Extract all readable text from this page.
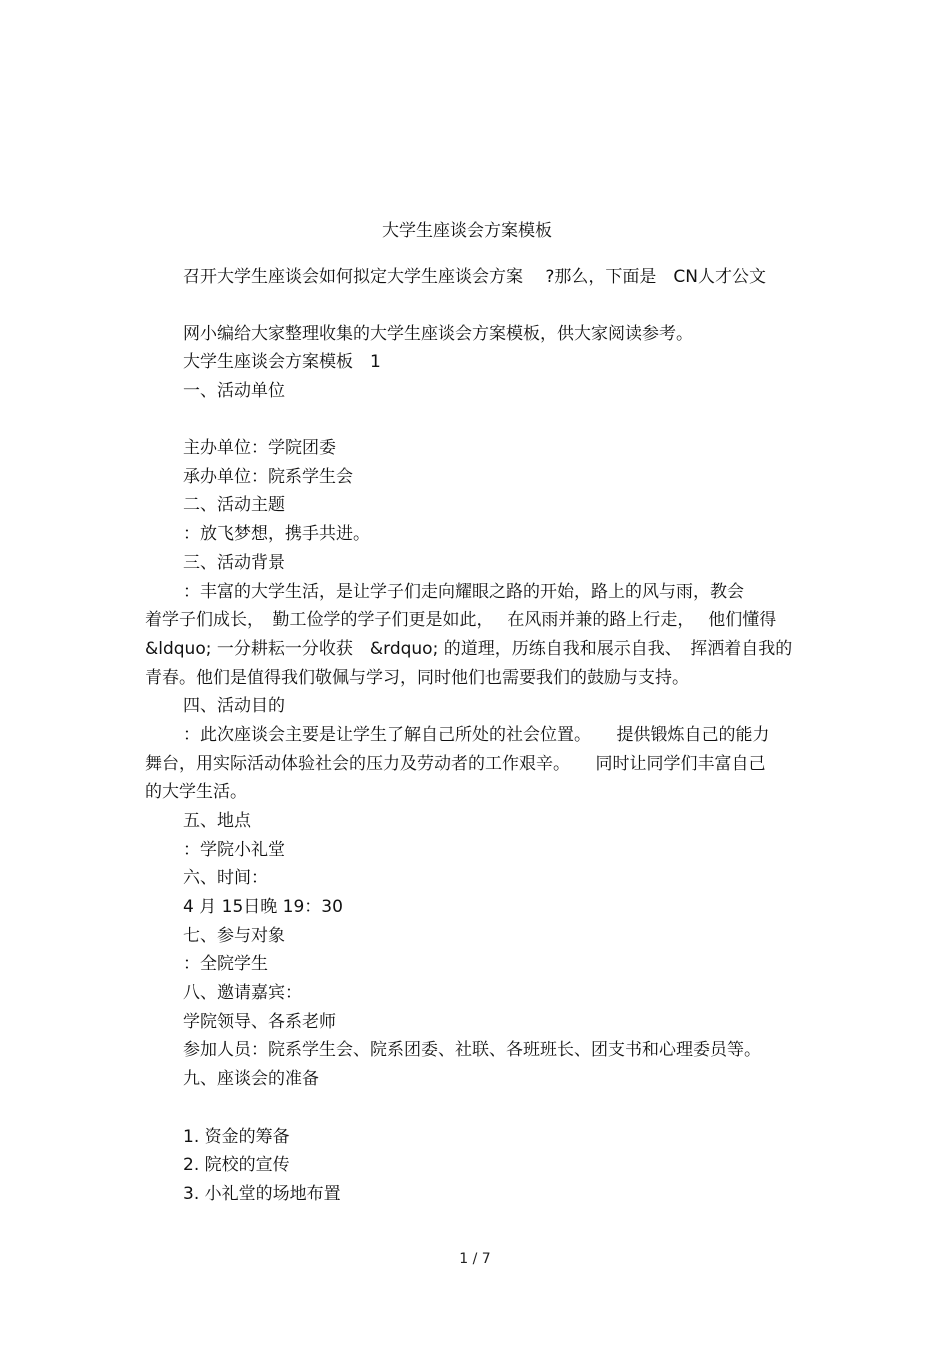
大学生座谈会方案模板
召开大学生座谈会如何拟定大学生座谈会方案　 ?那么，下面是　CN人才公文
网小编给大家整理收集的大学生座谈会方案模板，供大家阅读参考。
大学生座谈会方案模板　1
一、活动单位
主办单位：学院团委
承办单位：院系学生会
二、活动主题
：放飞梦想，携手共进。
三、活动背景
：丰富的大学生活，是让学子们走向耀眼之路的开始，路上的风与雨，教会
着学子们成长，　勤工俭学的学子们更是如此，　 在风雨并兼的路上行走，　 他们懂得
&ldquo; 一分耕耘一分收获　&rdquo; 的道理，历练自我和展示自我、　挥洒着自我的
青春。他们是值得我们敬佩与学习，同时他们也需要我们的鼓励与支持。
四、活动目的
：此次座谈会主要是让学生了解自己所处的社会位置。　　提供锻炼自己的能力
舞台，用实际活动体验社会的压力及劳动者的工作艰辛。　　同时让同学们丰富自己
的大学生活。
五、地点
：学院小礼堂
六、时间：
4 月 15日晚 19：30
七、参与对象
：全院学生
八、邀请嘉宾：
学院领导、各系老师
参加人员：院系学生会、院系团委、社联、各班班长、团支书和心理委员等。
九、座谈会的准备
1. 资金的筹备
2. 院校的宣传
3. 小礼堂的场地布置
1 / 7
